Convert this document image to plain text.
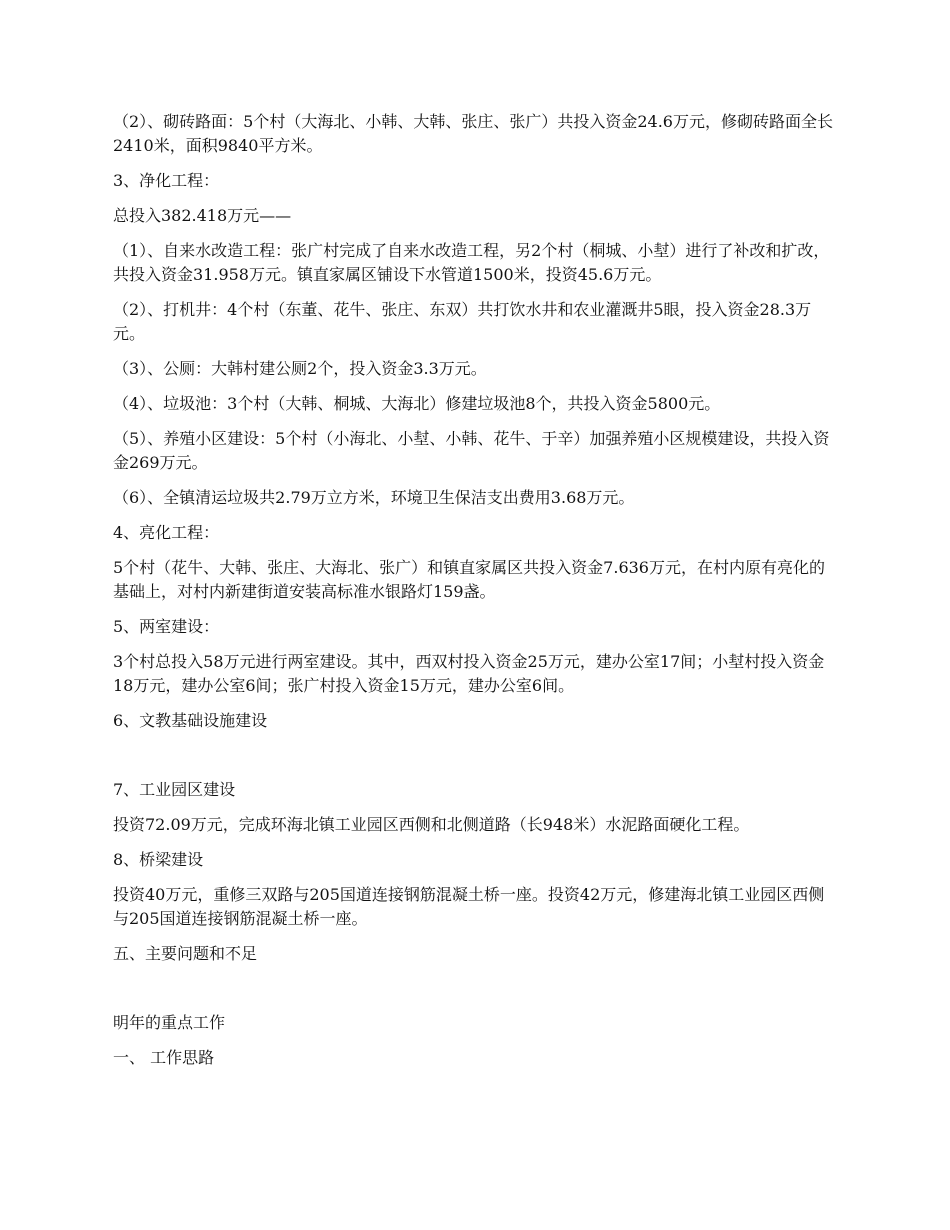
（2）、砌砖路面：5个村（大海北、小韩、大韩、张庄、张广）共投入资金24.6万元，修砌砖路面全长2410米，面积9840平方米。

3、净化工程：

总投入382.418万元——

（1）、自来水改造工程：张广村完成了自来水改造工程，另2个村（桐城、小堼）进行了补改和扩改，共投入资金31.958万元。镇直家属区铺设下水管道1500米，投资45.6万元。

（2）、打机井：4个村（东董、花牛、张庄、东双）共打饮水井和农业灌溉井5眼，投入资金28.3万元。

（3）、公厕：大韩村建公厕2个，投入资金3.3万元。

（4）、垃圾池：3个村（大韩、桐城、大海北）修建垃圾池8个，共投入资金5800元。

（5）、养殖小区建设：5个村（小海北、小堼、小韩、花牛、于辛）加强养殖小区规模建设，共投入资金269万元。

（6）、全镇清运垃圾共2.79万立方米，环境卫生保洁支出费用3.68万元。

4、亮化工程：

5个村（花牛、大韩、张庄、大海北、张广）和镇直家属区共投入资金7.636万元，在村内原有亮化的基础上，对村内新建街道安装高标准水银路灯159盏。

5、两室建设：

3个村总投入58万元进行两室建设。其中，西双村投入资金25万元，建办公室17间；小堼村投入资金18万元，建办公室6间；张广村投入资金15万元，建办公室6间。

6、文教基础设施建设

7、工业园区建设

投资72.09万元，完成环海北镇工业园区西侧和北侧道路（长948米）水泥路面硬化工程。

8、桥梁建设

投资40万元，重修三双路与205国道连接钢筋混凝土桥一座。投资42万元，修建海北镇工业园区西侧与205国道连接钢筋混凝土桥一座。

五、主要问题和不足

明年的重点工作

一、 工作思路
